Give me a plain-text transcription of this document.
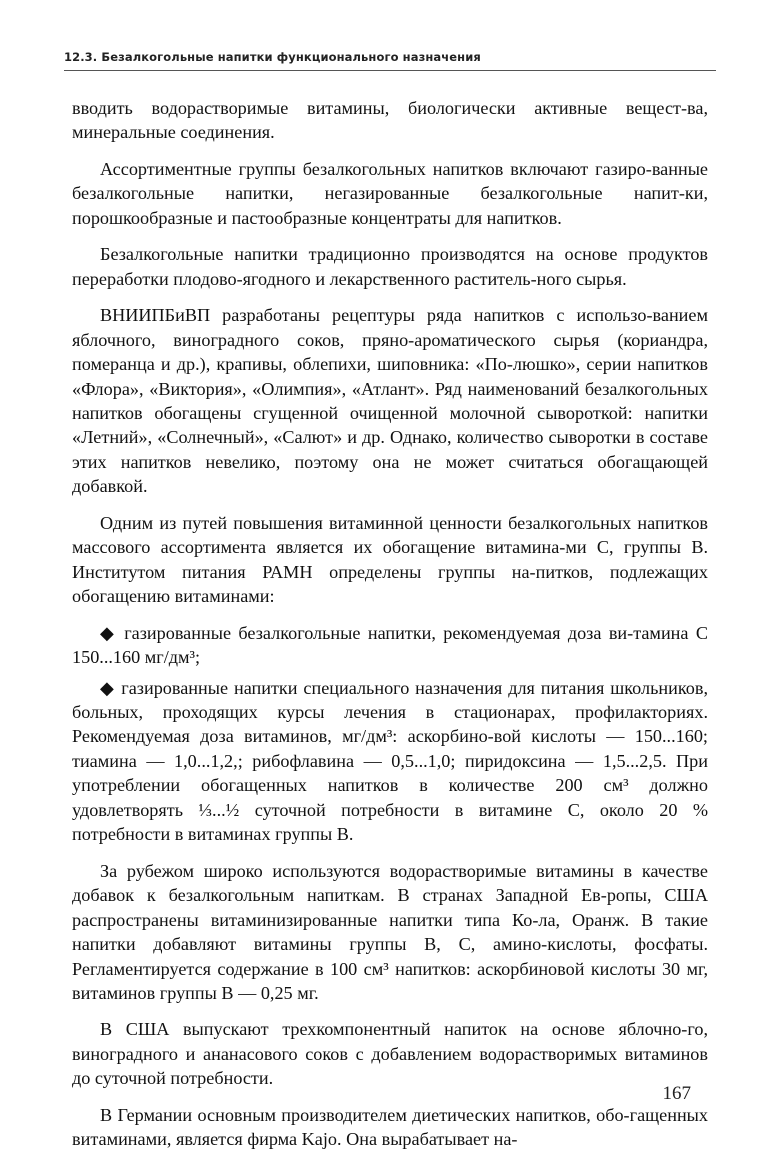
12.3. Безалкогольные напитки функционального назначения

вводить водорастворимые витамины, биологически активные вещест-ва, минеральные соединения.

Ассортиментные группы безалкогольных напитков включают газиро-ванные безалкогольные напитки, негазированные безалкогольные напит-ки, порошкообразные и пастообразные концентраты для напитков.

Безалкогольные напитки традиционно производятся на основе продуктов переработки плодово-ягодного и лекарственного раститель-ного сырья.

ВНИИПБиВП разработаны рецептуры ряда напитков с использо-ванием яблочного, виноградного соков, пряно-ароматического сырья (кориандра, померанца и др.), крапивы, облепихи, шиповника: «По-люшко», серии напитков «Флора», «Виктория», «Олимпия», «Атлант». Ряд наименований безалкогольных напитков обогащены сгущенной очищенной молочной сывороткой: напитки «Летний», «Солнечный», «Салют» и др. Однако, количество сыворотки в составе этих напитков невелико, поэтому она не может считаться обогащающей добавкой.

Одним из путей повышения витаминной ценности безалкогольных напитков массового ассортимента является их обогащение витамина-ми С, группы В. Институтом питания РАМН определены группы на-питков, подлежащих обогащению витаминами:

◆ газированные безалкогольные напитки, рекомендуемая доза ви-тамина С 150...160 мг/дм³;

◆ газированные напитки специального назначения для питания школьников, больных, проходящих курсы лечения в стационарах, профилакториях. Рекомендуемая доза витаминов, мг/дм³: аскорбино-вой кислоты — 150...160; тиамина — 1,0...1,2,; рибофлавина — 0,5...1,0; пиридоксина — 1,5...2,5. При употреблении обогащенных напитков в количестве 200 см³ должно удовлетворять ⅓...½ суточной потребности в витамине С, около 20 % потребности в витаминах группы В.

За рубежом широко используются водорастворимые витамины в качестве добавок к безалкогольным напиткам. В странах Западной Ев-ропы, США распространены витаминизированные напитки типа Ко-ла, Оранж. В такие напитки добавляют витамины группы В, С, амино-кислоты, фосфаты. Регламентируется содержание в 100 см³ напитков: аскорбиновой кислоты 30 мг, витаминов группы В — 0,25 мг.

В США выпускают трехкомпонентный напиток на основе яблочно-го, виноградного и ананасового соков с добавлением водорастворимых витаминов до суточной потребности.

В Германии основным производителем диетических напитков, обо-гащенных витаминами, является фирма Kajo. Она вырабатывает на-

167
